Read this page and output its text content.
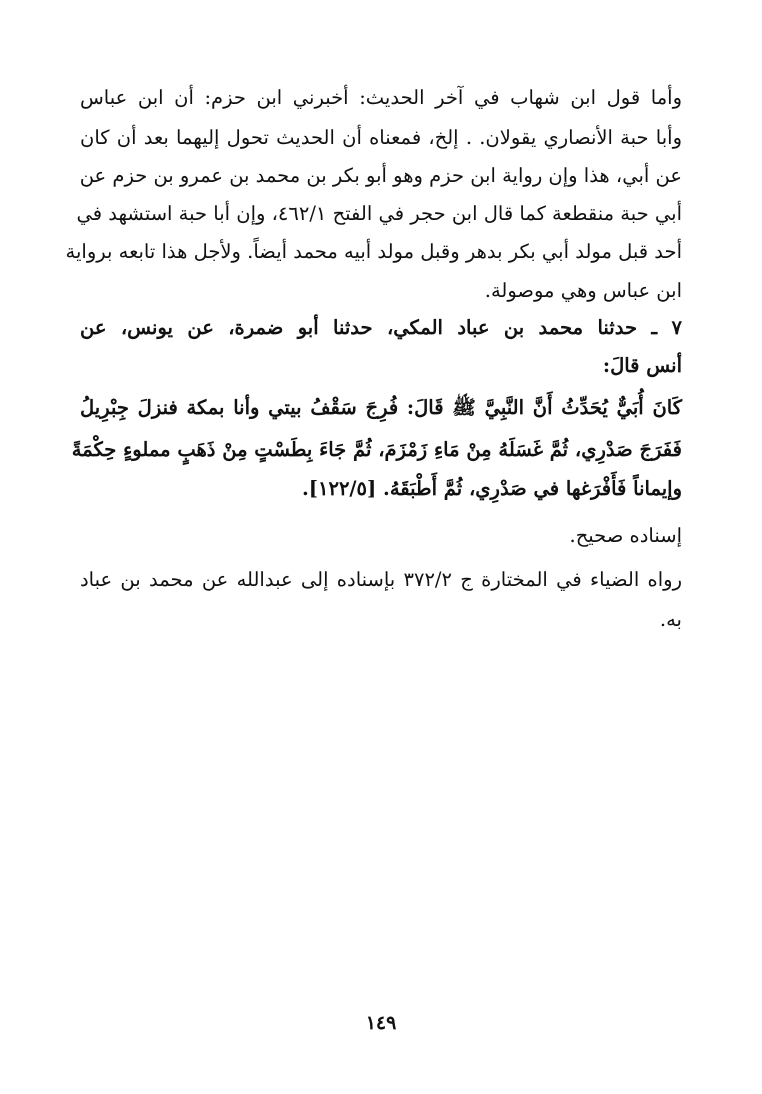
وأما قول ابن شهاب في آخر الحديث: أخبرني ابن حزم: أن ابن عباس
وأبا حبة الأنصاري يقولان. . إلخ، فمعناه أن الحديث تحول إليهما بعد أن كان
عن أبي، هذا وإن رواية ابن حزم وهو أبو بكر بن محمد بن عمرو بن حزم عن
أبي حبة منقطعة كما قال ابن حجر في الفتح ٤٦٢/١، وإن أبا حبة استشهد في
أحد قبل مولد أبي بكر بدهر وقبل مولد أبيه محمد أيضاً. ولأجل هذا تابعه برواية
ابن عباس وهي موصولة.
٧ ـ حدثنا محمد بن عباد المكي، حدثنا أبو ضمرة، عن يونس، عن
أنس قالَ:
كَانَ أُبَيٌّ يُحَدِّثُ أَنَّ النَّبِيَّ ﷺ قَالَ: فُرِجَ سَقْفُ بيتي وأنا بمكة فنزلَ جِبْرِيلُ
فَفَرَجَ صَدْرِي، ثُمَّ غَسَلَهُ مِنْ مَاءِ زَمْزَمَ، ثُمَّ جَاءَ بِطَسْتٍ مِنْ ذَهَبٍ مملوءٍ حِكْمَةً
وإيماناً فَأَفْرَغها في صَدْرِي، ثُمَّ أَطْبَقَهُ. [١٢٢/٥].
إسناده صحيح.
رواه الضياء في المختارة ج ٣٧٢/٢ بإسناده إلى عبدالله عن محمد بن عباد
به.
١٤٩
